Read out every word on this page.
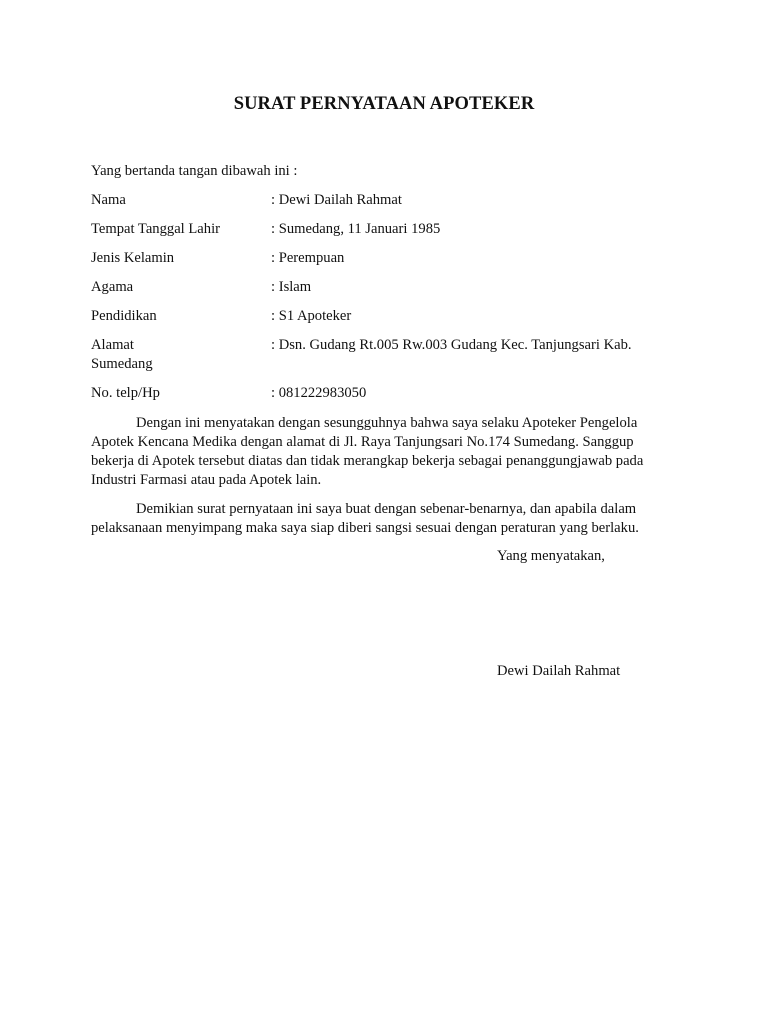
SURAT PERNYATAAN APOTEKER
Yang bertanda tangan dibawah ini :
Nama	: Dewi Dailah Rahmat
Tempat Tanggal Lahir	: Sumedang, 11 Januari 1985
Jenis Kelamin	: Perempuan
Agama	: Islam
Pendidikan	: S1 Apoteker
Alamat	: Dsn. Gudang Rt.005 Rw.003 Gudang Kec. Tanjungsari Kab.
Sumedang
No. telp/Hp	: 081222983050
Dengan ini menyatakan dengan sesungguhnya bahwa saya selaku Apoteker Pengelola Apotek Kencana Medika dengan alamat di Jl. Raya Tanjungsari No.174 Sumedang. Sanggup bekerja di Apotek tersebut diatas dan tidak merangkap bekerja sebagai penanggungjawab pada Industri Farmasi atau pada Apotek lain.
Demikian surat pernyataan ini saya buat dengan sebenar-benarnya, dan apabila dalam pelaksanaan menyimpang maka saya siap diberi sangsi sesuai dengan peraturan yang berlaku.
Yang menyatakan,
Dewi Dailah Rahmat
